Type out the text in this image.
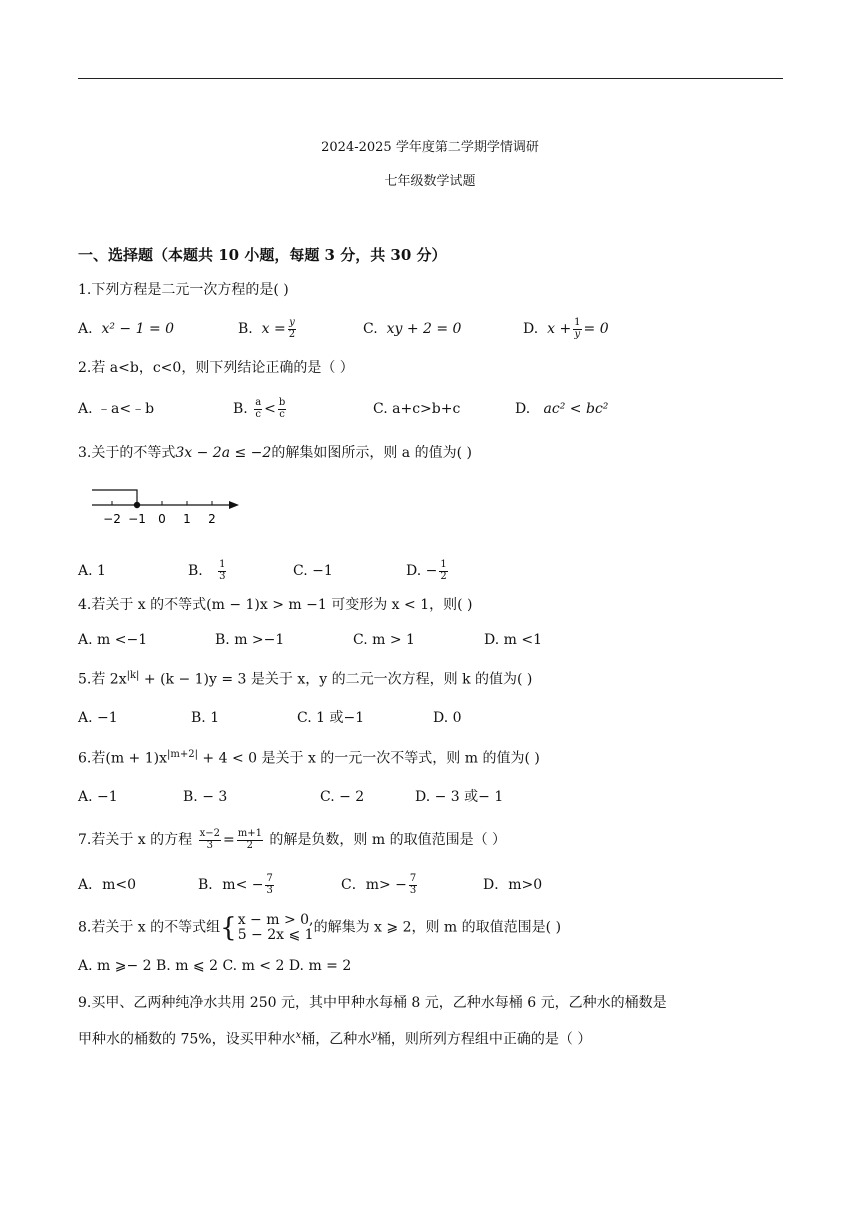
2024-2025 学年度第二学期学情调研
七年级数学试题
一、选择题（本题共 10 小题，每题 3 分，共 30 分）
1.下列方程是二元一次方程的是( )
A. x² − 1 = 0	B. $x = \frac{y}{2}$	C. xy + 2 = 0	D. $x + \frac{1}{y} = 0$
2.若 a<b，c<0，则下列结论正确的是（ ）
A. ﹣a<﹣b	B. $\frac{a}{c} < \frac{b}{c}$	C. a+c>b+c	D. ac² < bc²
3.关于的不等式3x − 2a ≤ −2的解集如图所示，则 a 的值为( )
−2 −1 0 1 2
A. 1	B. $\frac{1}{3}$	C. −1	D. − $\frac{1}{2}$
4.若关于 x 的不等式(m − 1)x > m −1 可变形为 x < 1，则( )
A. m <−1	B. m >−1	C. m > 1	D. m <1
5.若 $2x^{|k|} + (k - 1)y = 3$ 是关于 x，y 的二元一次方程，则 k 的值为( )
A. −1	B. 1	C. 1 或−1	D. 0
6.若$(m + 1)x^{|m+2|} + 4 < 0$ 是关于 x 的一元一次不等式，则 m 的值为( )
A. −1	B. − 3	C. − 2	D. − 3 或− 1
7.若关于 x 的方程 $\frac{x-2}{3} = \frac{m+1}{2}$ 的解是负数，则 m 的取值范围是（ ）
A．m<0	B．$m< - \frac{7}{3}$	C．$m> - \frac{7}{3}$	D．m>0
8.若关于 x 的不等式组{ x − m > 0,
5 − 2x ⩽ 1 的解集为 x ⩾ 2，则 m 的取值范围是( )
A. m ⩾− 2 B. m ⩽ 2 C. m < 2 D. m = 2
9.买甲、乙两种纯净水共用 250 元，其中甲种水每桶 8 元，乙种水每桶 6 元，乙种水的桶数是
甲种水的桶数的 75%，设买甲种水$^x$桶，乙种水$^y$桶，则所列方程组中正确的是（ ）
